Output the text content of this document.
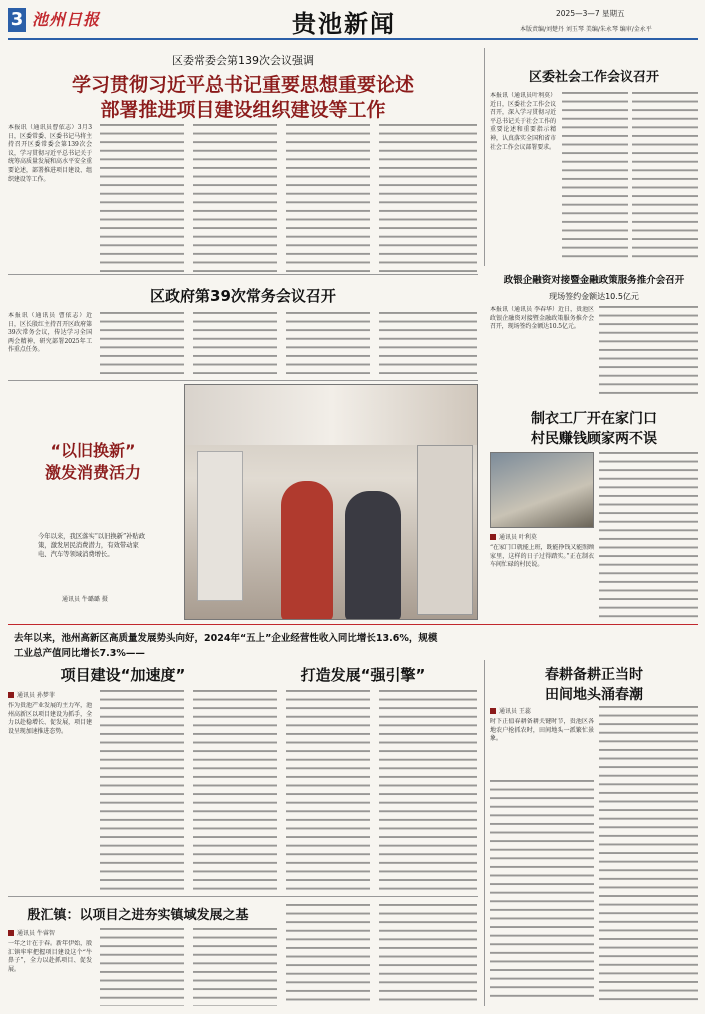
3 池州日报	贵池新闻	2025—3—7 星期五
本版责编/刘楚丹 刘玉琴 美编/朱永琴 编审/金永平
区委常委会第139次会议强调
学习贯彻习近平总书记重要思想重要论述
部署推进项目建设组织建设等工作
本报讯（通讯员曹依志）3月3日，区委常委、区委书记马将主持召开区委常委会第139次会议，学习贯彻习近平总书记关于统筹高质量发展和高水平安全重要论述，部署推进项目建设、组织建设等工作。
区委社会工作会议召开
本报讯（通讯员叶利莫）近日，区委社会工作会议召开，深入学习贯彻习近平总书记关于社会工作的重要论述和重要指示精神，认真落实全国和省市社会工作会议部署要求。
区政府第39次常务会议召开
本报讯（通讯员 曹依志）近日，区长殷红主持召开区政府第39次常务会议，传达学习全国两会精神，研究部署2025年工作重点任务。
政银企融资对接暨金融政策服务推介会召开
现场签约金额达10.5亿元
本报讯（通讯员 李春华）近日，贵池区政银企融资对接暨金融政策服务推介会召开，现场签约金额达10.5亿元。
“以旧换新”
激发消费活力
今年以来，我区落实“以旧换新”补贴政策，激发居民消费潜力，有效带动家电、汽车等领域消费增长。
通讯员 牛璐璐 摄
制衣工厂开在家门口
村民赚钱顾家两不误
通讯员 叶利莫
“在家门口就能上班，既能挣钱又能照顾家里，这样的日子过得踏实。”正在制衣车间忙碌的村民说。
去年以来，池州高新区高质量发展势头向好，2024年“五上”企业经营性收入同比增长13.6%，规模
工业总产值同比增长7.3%——
项目建设“加速度”	打造发展“强引擎”
通讯员 孙梦菲
作为贵池产业发展的主力军，池州高新区以项目建设为抓手，全力以赴稳增长、促发展，项目建设呈现加速推进态势。
春耕备耕正当时
田间地头涌春潮
通讯员 王蕊
时下正值春耕备耕关键时节，贵池区各地农户抢抓农时，田间地头一派繁忙景象。
殷汇镇：以项目之进夯实镇域发展之基
通讯员 牛睿智
一年之计在于春。新年伊始，殷汇镇牢牢把握项目建设这个“牛鼻子”，全力以赴抓项目、促发展。
